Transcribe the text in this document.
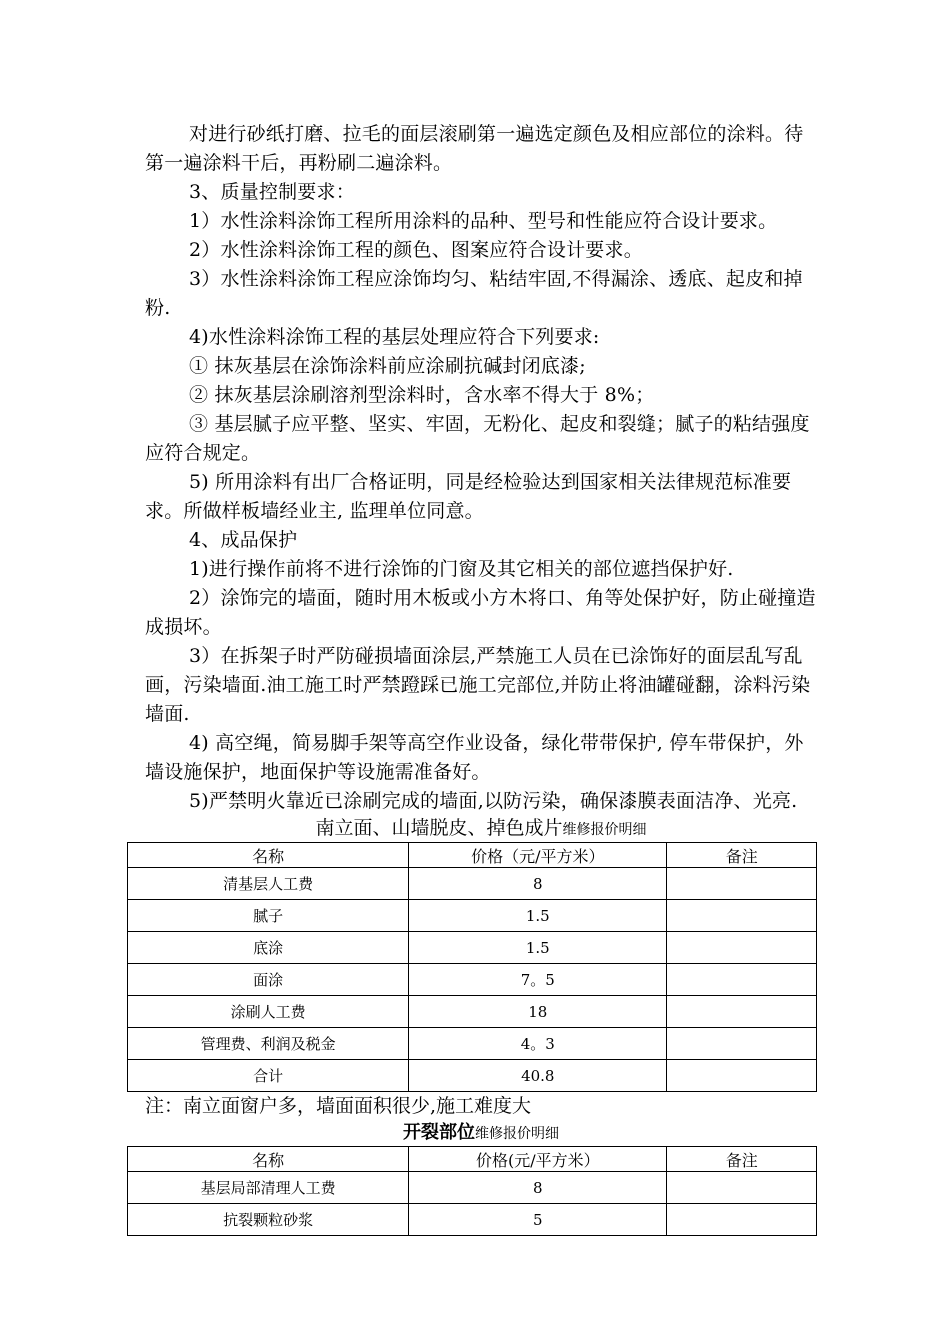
对进行砂纸打磨、拉毛的面层滚刷第一遍选定颜色及相应部位的涂料。待第一遍涂料干后，再粉刷二遍涂料。

3、质量控制要求：

1）水性涂料涂饰工程所用涂料的品种、型号和性能应符合设计要求。

2）水性涂料涂饰工程的颜色、图案应符合设计要求。

3）水性涂料涂饰工程应涂饰均匀、粘结牢固,不得漏涂、透底、起皮和掉粉.

4)水性涂料涂饰工程的基层处理应符合下列要求:

① 抹灰基层在涂饰涂料前应涂刷抗碱封闭底漆;

② 抹灰基层涂刷溶剂型涂料时，含水率不得大于 8%；

③ 基层腻子应平整、坚实、牢固，无粉化、起皮和裂缝；腻子的粘结强度应符合规定。

5) 所用涂料有出厂合格证明，同是经检验达到国家相关法律规范标准要求。所做样板墙经业主, 监理单位同意。

4、成品保护

1)进行操作前将不进行涂饰的门窗及其它相关的部位遮挡保护好.

2）涂饰完的墙面，随时用木板或小方木将口、角等处保护好，防止碰撞造成损坏。

3）在拆架子时严防碰损墙面涂层,严禁施工人员在已涂饰好的面层乱写乱画，污染墙面.油工施工时严禁蹬踩已施工完部位,并防止将油罐碰翻，涂料污染墙面.

4) 高空绳，简易脚手架等高空作业设备，绿化带带保护, 停车带保护，外墙设施保护，地面保护等设施需准备好。

5)严禁明火靠近已涂刷完成的墙面,以防污染，确保漆膜表面洁净、光亮.

南立面、山墙脱皮、掉色成片维修报价明细

名称	价格（元/平方米）	备注
清基层人工费	8	
腻子	1.5	
底涂	1.5	
面涂	7。5	
涂刷人工费	18	
管理费、利润及税金	4。3	
合计	40.8	

注：南立面窗户多，墙面面积很少,施工难度大

开裂部位维修报价明细

名称	价格(元/平方米）	备注
基层局部清理人工费	8	
抗裂颗粒砂浆	5	
